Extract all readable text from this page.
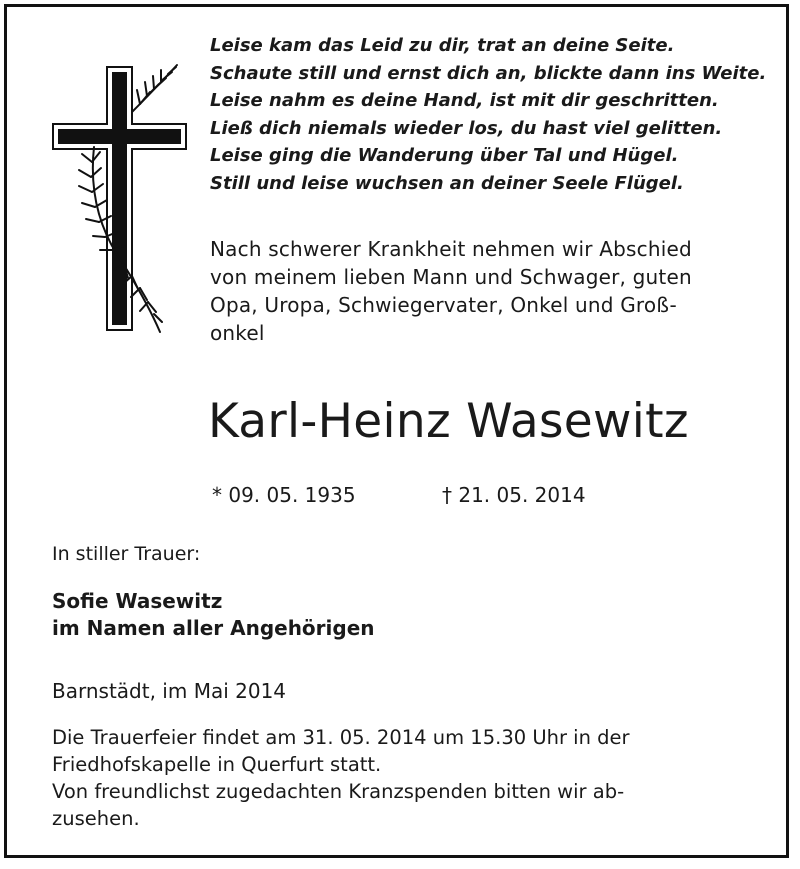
Leise kam das Leid zu dir, trat an deine Seite.
Schaute still und ernst dich an, blickte dann ins Weite.
Leise nahm es deine Hand, ist mit dir geschritten.
Ließ dich niemals wieder los, du hast viel gelitten.
Leise ging die Wanderung über Tal und Hügel.
Still und leise wuchsen an deiner Seele Flügel.
Nach schwerer Krankheit nehmen wir Abschied
von meinem lieben Mann und Schwager, guten
Opa, Uropa, Schwiegervater, Onkel und Groß-
onkel
Karl-Heinz Wasewitz
* 09. 05. 1935	† 21. 05. 2014
In stiller Trauer:
Sofie Wasewitz
im Namen aller Angehörigen
Barnstädt, im Mai 2014
Die Trauerfeier findet am 31. 05. 2014 um 15.30 Uhr in der
Friedhofskapelle in Querfurt statt.
Von freundlichst zugedachten Kranzspenden bitten wir ab-
zusehen.
